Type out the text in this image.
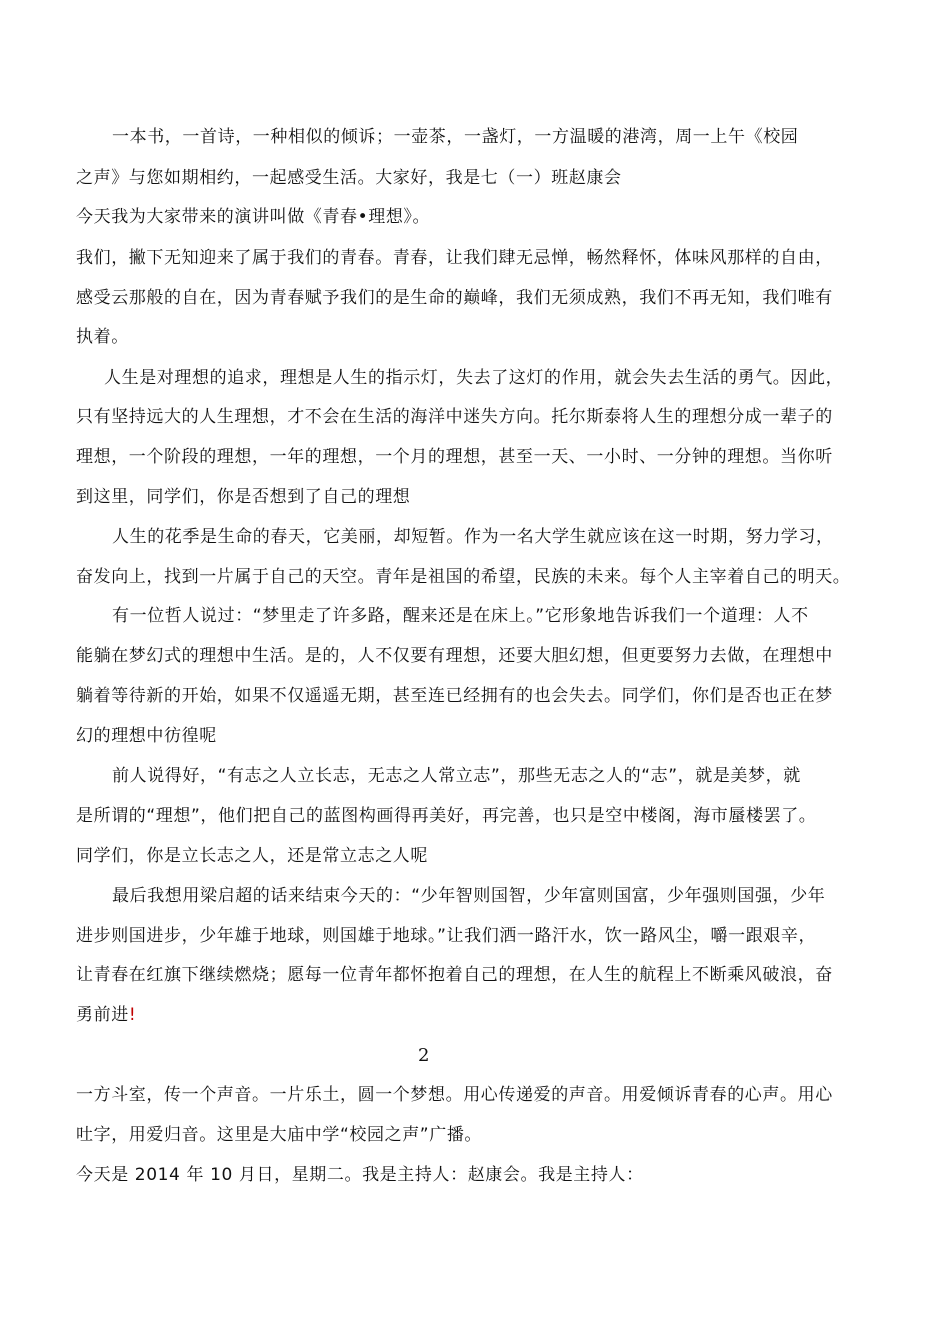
一本书，一首诗，一种相似的倾诉；一壶茶，一盏灯，一方温暖的港湾，周一上午《校园
之声》与您如期相约，一起感受生活。大家好，我是七（一）班赵康会
今天我为大家带来的演讲叫做《青春•理想》。
我们，撇下无知迎来了属于我们的青春。青春，让我们肆无忌惮，畅然释怀，体味风那样的自由，
感受云那般的自在，因为青春赋予我们的是生命的巅峰，我们无须成熟，我们不再无知，我们唯有
执着。
人生是对理想的追求，理想是人生的指示灯，失去了这灯的作用，就会失去生活的勇气。因此，
只有坚持远大的人生理想，才不会在生活的海洋中迷失方向。托尔斯泰将人生的理想分成一辈子的
理想，一个阶段的理想，一年的理想，一个月的理想，甚至一天、一小时、一分钟的理想。当你听
到这里，同学们，你是否想到了自己的理想
人生的花季是生命的春天，它美丽，却短暂。作为一名大学生就应该在这一时期，努力学习，
奋发向上，找到一片属于自己的天空。青年是祖国的希望，民族的未来。每个人主宰着自己的明天。
有一位哲人说过：“梦里走了许多路，醒来还是在床上。”它形象地告诉我们一个道理：人不
能躺在梦幻式的理想中生活。是的，人不仅要有理想，还要大胆幻想，但更要努力去做，在理想中
躺着等待新的开始，如果不仅遥遥无期，甚至连已经拥有的也会失去。同学们，你们是否也正在梦
幻的理想中彷徨呢
前人说得好，“有志之人立长志，无志之人常立志”，那些无志之人的“志”，就是美梦，就
是所谓的“理想”，他们把自己的蓝图构画得再美好，再完善，也只是空中楼阁，海市蜃楼罢了。
同学们，你是立长志之人，还是常立志之人呢
最后我想用梁启超的话来结束今天的：“少年智则国智，少年富则国富，少年强则国强，少年
进步则国进步，少年雄于地球，则国雄于地球。”让我们洒一路汗水，饮一路风尘，嚼一跟艰辛，
让青春在红旗下继续燃烧；愿每一位青年都怀抱着自己的理想，在人生的航程上不断乘风破浪，奋
勇前进!
2
一方斗室，传一个声音。一片乐土，圆一个梦想。用心传递爱的声音。用爱倾诉青春的心声。用心
吐字，用爱归音。这里是大庙中学“校园之声”广播。
今天是 2014 年 10 月日，星期二。我是主持人：赵康会。我是主持人：
